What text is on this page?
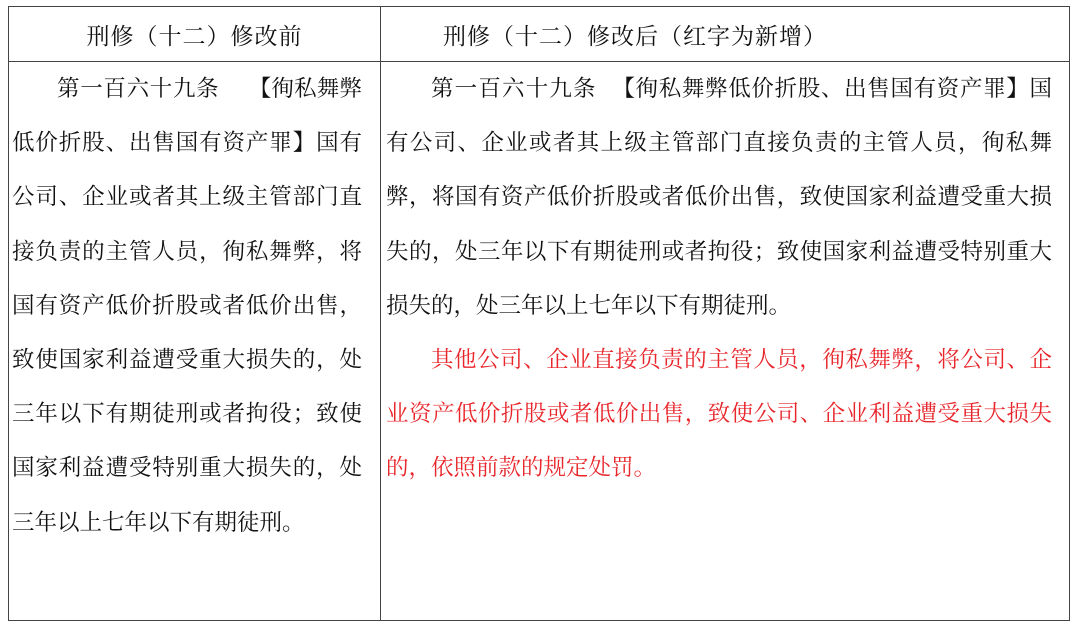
刑修（十二）修改前	刑修（十二）修改后（红字为新增）

第一百六十九条 【徇私舞弊低价折股、出售国有资产罪】国有公司、企业或者其上级主管部门直接负责的主管人员，徇私舞弊，将国有资产低价折股或者低价出售，致使国家利益遭受重大损失的，处三年以下有期徒刑或者拘役；致使国家利益遭受特别重大损失的，处三年以上七年以下有期徒刑。

第一百六十九条 【徇私舞弊低价折股、出售国有资产罪】国有公司、企业或者其上级主管部门直接负责的主管人员，徇私舞弊，将国有资产低价折股或者低价出售，致使国家利益遭受重大损失的，处三年以下有期徒刑或者拘役；致使国家利益遭受特别重大损失的，处三年以上七年以下有期徒刑。

其他公司、企业直接负责的主管人员，徇私舞弊，将公司、企业资产低价折股或者低价出售，致使公司、企业利益遭受重大损失的，依照前款的规定处罚。
